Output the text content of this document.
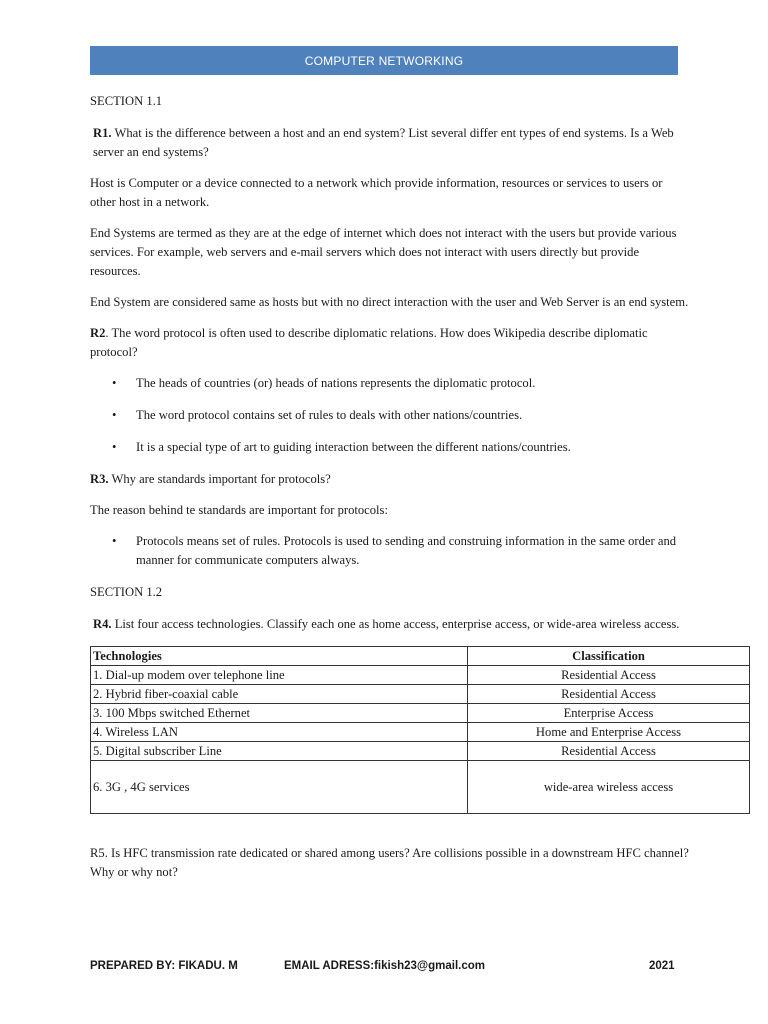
COMPUTER NETWORKING

SECTION 1.1

R1. What is the difference between a host and an end system? List several differ ent types of end systems. Is a Web server an end systems?

Host is Computer or a device connected to a network which provide information, resources or services to users or other host in a network.

End Systems are termed as they are at the edge of internet which does not interact with the users but provide various services. For example, web servers and e-mail servers which does not interact with users directly but provide resources.

End System are considered same as hosts but with no direct interaction with the user and Web Server is an end system.

R2. The word protocol is often used to describe diplomatic relations. How does Wikipedia describe diplomatic protocol?

• The heads of countries (or) heads of nations represents the diplomatic protocol.
• The word protocol contains set of rules to deals with other nations/countries.
• It is a special type of art to guiding interaction between the different nations/countries.

R3. Why are standards important for protocols?

The reason behind te standards are important for protocols:

• Protocols means set of rules. Protocols is used to sending and construing information in the same order and manner for communicate computers always.

SECTION 1.2

R4. List four access technologies. Classify each one as home access, enterprise access, or wide-area wireless access.

Technologies	Classification
1. Dial-up modem over telephone line	Residential Access
2. Hybrid fiber-coaxial cable	Residential Access
3. 100 Mbps switched Ethernet	Enterprise Access
4. Wireless LAN	Home and Enterprise Access
5. Digital subscriber Line	Residential Access
6. 3G , 4G services	wide-area wireless access

R5. Is HFC transmission rate dedicated or shared among users? Are collisions possible in a downstream HFC channel? Why or why not?

PREPARED BY: FIKADU. M	EMAIL ADRESS:fikish23@gmail.com	2021
